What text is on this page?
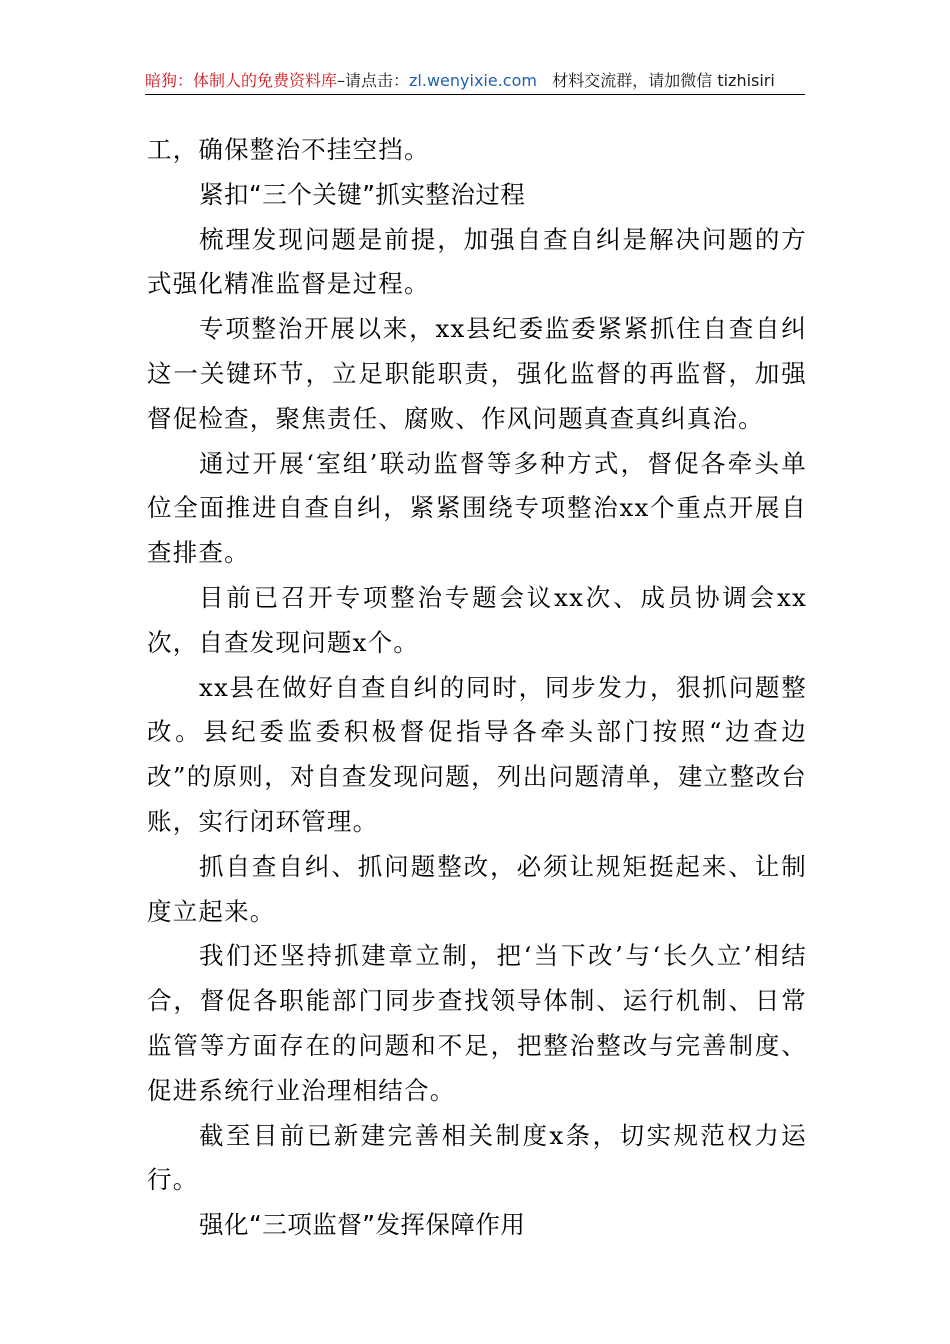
暗狗：体制人的免费资料库–请点击：zl.wenyixie.com 材料交流群，请加微信 tizhisiri

工，确保整治不挂空挡。

紧扣“三个关键”抓实整治过程

梳理发现问题是前提，加强自查自纠是解决问题的方式强化精准监督是过程。

专项整治开展以来，xx县纪委监委紧紧抓住自查自纠这一关键环节，立足职能职责，强化监督的再监督，加强督促检查，聚焦责任、腐败、作风问题真查真纠真治。

通过开展‘室组’联动监督等多种方式，督促各牵头单位全面推进自查自纠，紧紧围绕专项整治xx个重点开展自查排查。

目前已召开专项整治专题会议xx次、成员协调会xx次，自查发现问题x个。

xx县在做好自查自纠的同时，同步发力，狠抓问题整改。县纪委监委积极督促指导各牵头部门按照“边查边改”的原则，对自查发现问题，列出问题清单，建立整改台账，实行闭环管理。

抓自查自纠、抓问题整改，必须让规矩挺起来、让制度立起来。

我们还坚持抓建章立制，把‘当下改’与‘长久立’相结合，督促各职能部门同步查找领导体制、运行机制、日常监管等方面存在的问题和不足，把整治整改与完善制度、促进系统行业治理相结合。

截至目前已新建完善相关制度x条，切实规范权力运行。

强化“三项监督”发挥保障作用
